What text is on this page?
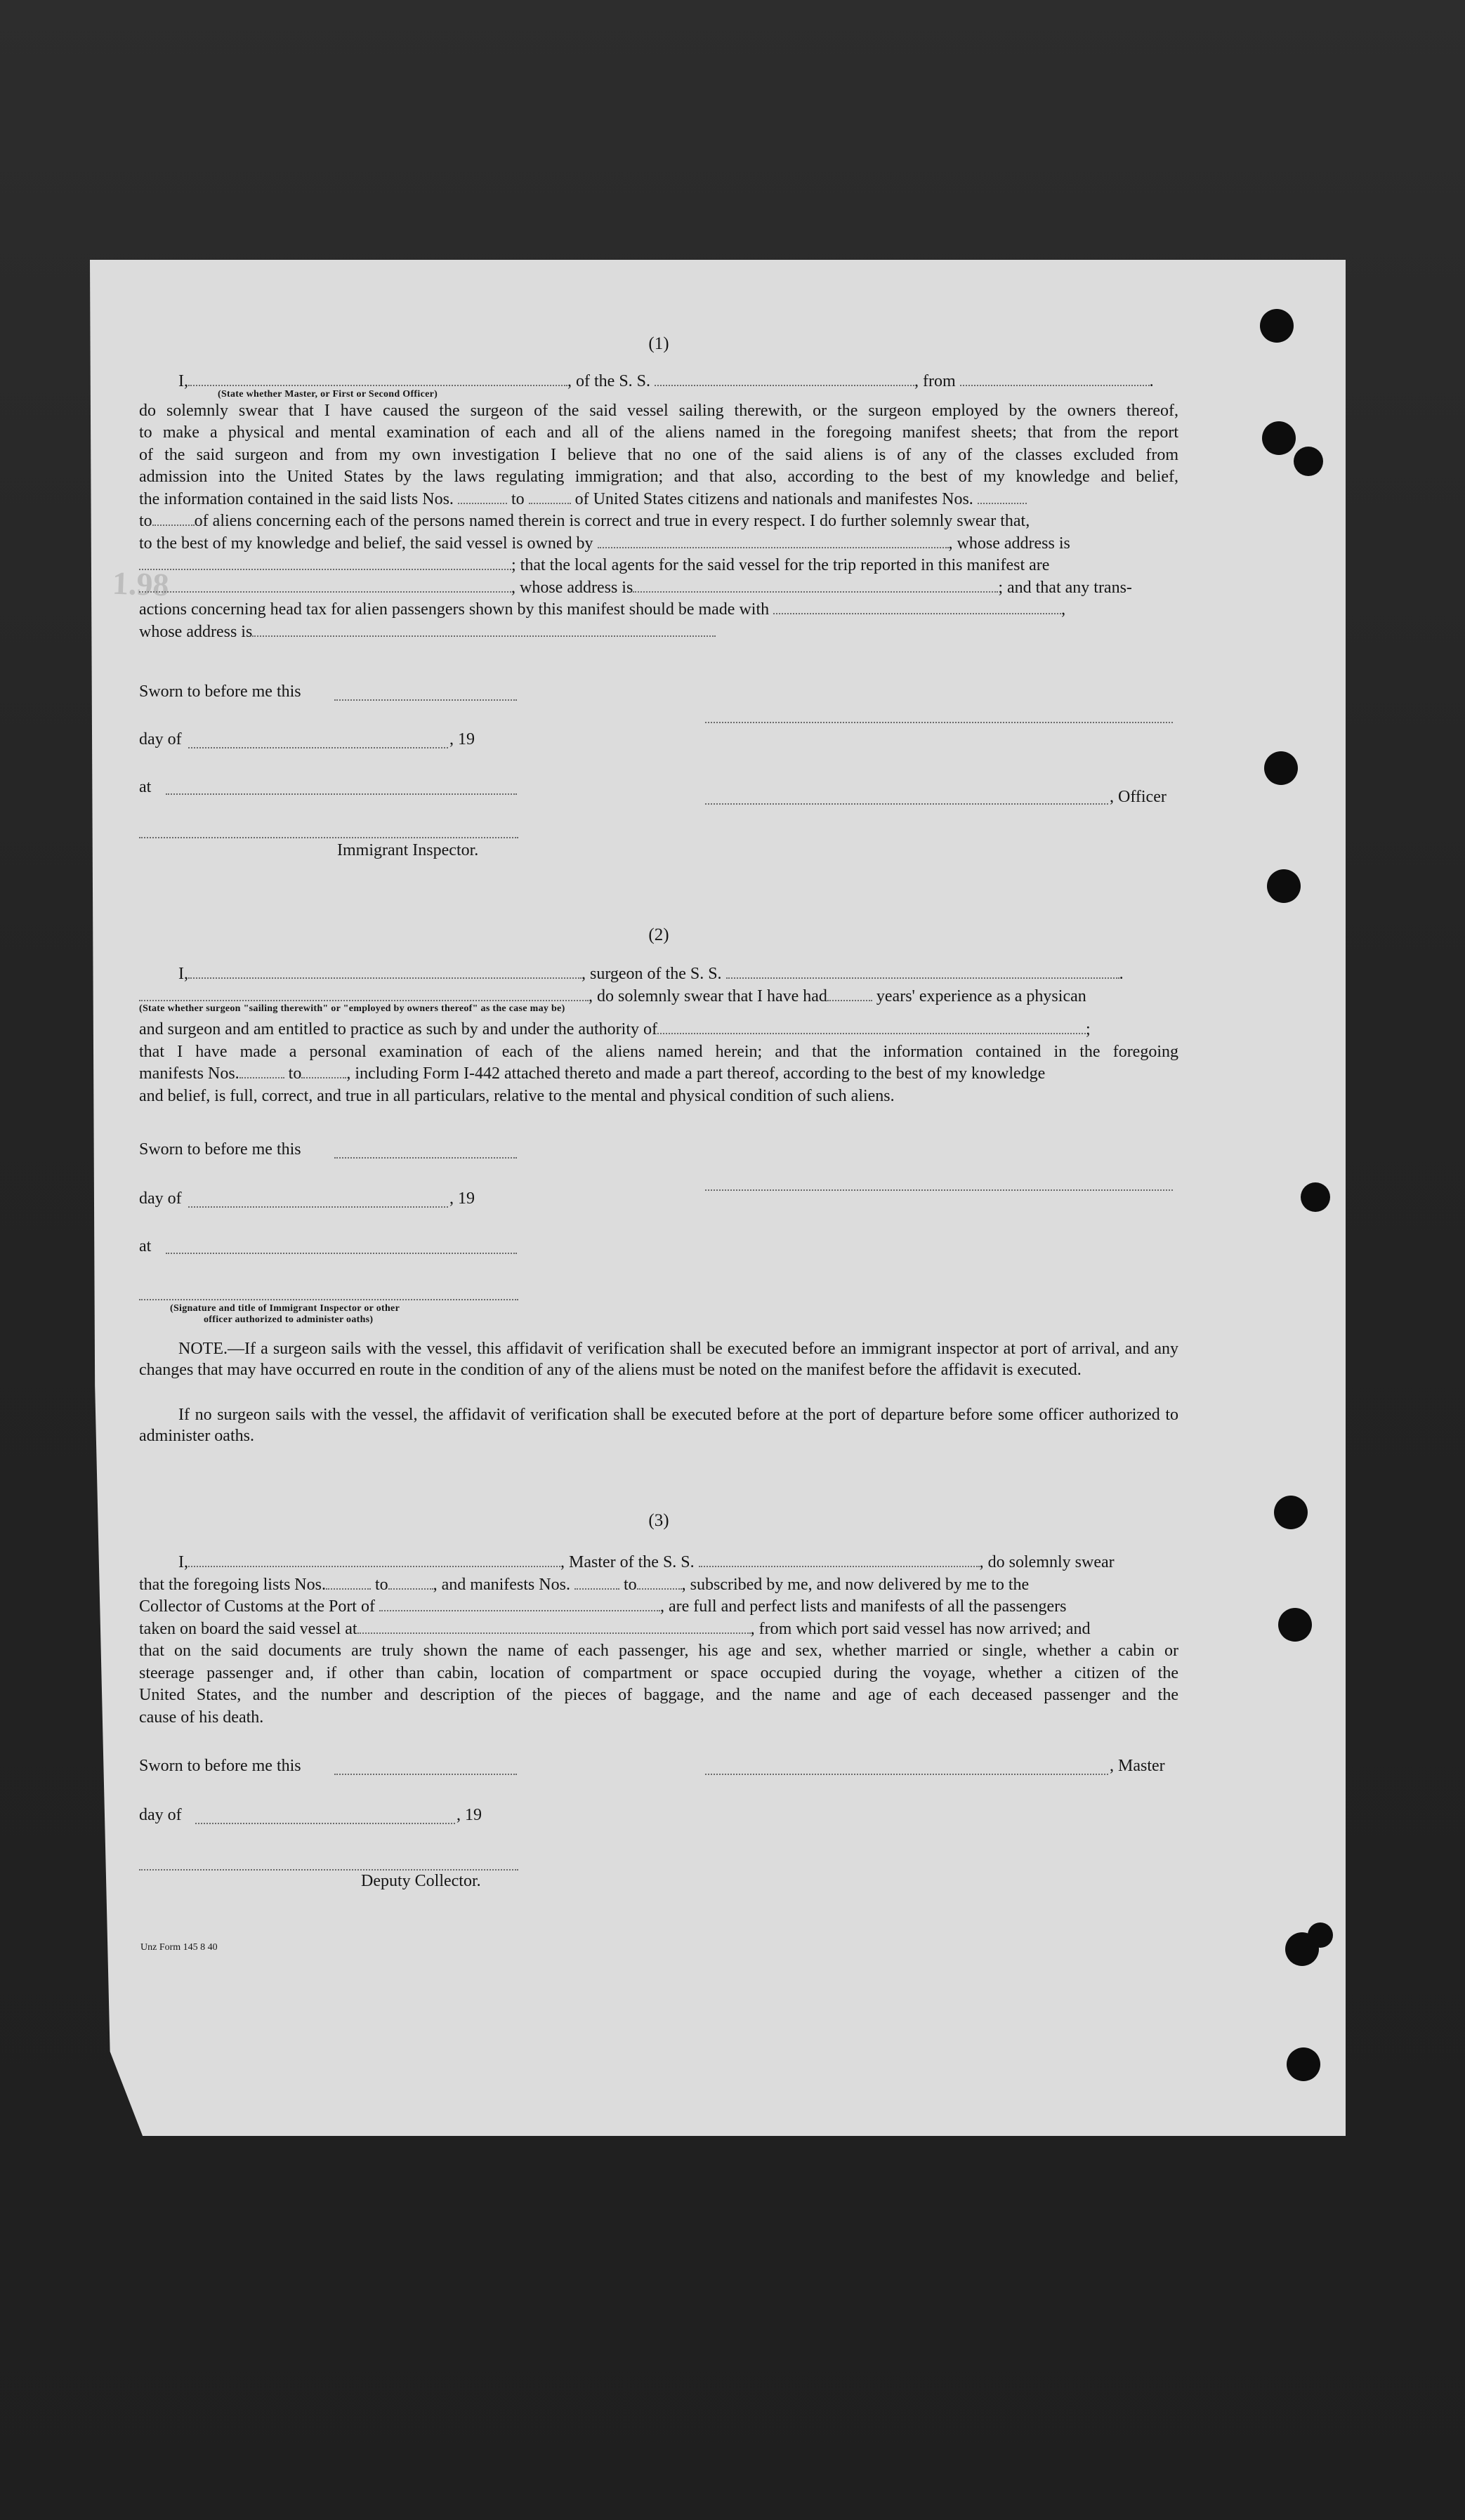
1.98
(1)
I,	, of the S. S.	, from	.
(State whether Master, or First or Second Officer)
do solemnly swear that I have caused the surgeon of the said vessel sailing therewith, or the surgeon employed by the owners thereof,
to make a physical and mental examination of each and all of the aliens named in the foregoing manifest sheets; that from the report
of the said surgeon and from my own investigation I believe that no one of the said aliens is of any of the classes excluded from
admission into the United States by the laws regulating immigration; and that also, according to the best of my knowledge and belief,
the information contained in the said lists Nos.	to	of United States citizens and nationals and manifestes Nos.
to	of aliens concerning each of the persons named therein is correct and true in every respect. I do further solemnly swear that,
to the best of my knowledge and belief, the said vessel is owned by	, whose address is
; that the local agents for the said vessel for the trip reported in this manifest are
, whose address is	; and that any trans-
actions concerning head tax for alien passengers shown by this manifest should be made with	,
whose address is
Sworn to before me this
day of	, 19
at
, Officer
Immigrant Inspector.
(2)
I,	, surgeon of the S. S.	.
, do solemnly swear that I have had	years' experience as a physican
(State whether surgeon "sailing therewith" or "employed by owners thereof" as the case may be)
and surgeon and am entitled to practice as such by and under the authority of	;
that I have made a personal examination of each of the aliens named herein; and that the information contained in the foregoing
manifests Nos.	to	, including Form I-442 attached thereto and made a part thereof, according to the best of my knowledge
and belief, is full, correct, and true in all particulars, relative to the mental and physical condition of such aliens.
Sworn to before me this
day of	, 19
at
(Signature and title of Immigrant Inspector or other
officer authorized to administer oaths)
NOTE.—If a surgeon sails with the vessel, this affidavit of verification shall be executed before an immigrant inspector at port of arrival, and any changes that may have occurred en route in the condition of any of the aliens must be noted on the manifest before the affidavit is executed.
If no surgeon sails with the vessel, the affidavit of verification shall be executed before at the port of departure before some officer authorized to administer oaths.
(3)
I,	, Master of the S. S.	, do solemnly swear
that the foregoing lists Nos.	to	, and manifests Nos.	to	, subscribed by me, and now delivered by me to the
Collector of Customs at the Port of	, are full and perfect lists and manifests of all the passengers
taken on board the said vessel at	, from which port said vessel has now arrived; and
that on the said documents are truly shown the name of each passenger, his age and sex, whether married or single, whether a cabin or
steerage passenger and, if other than cabin, location of compartment or space occupied during the voyage, whether a citizen of the
United States, and the number and description of the pieces of baggage, and the name and age of each deceased passenger and the
cause of his death.
Sworn to before me this	, Master
day of	, 19
Deputy Collector.
Unz Form 145 8 40
